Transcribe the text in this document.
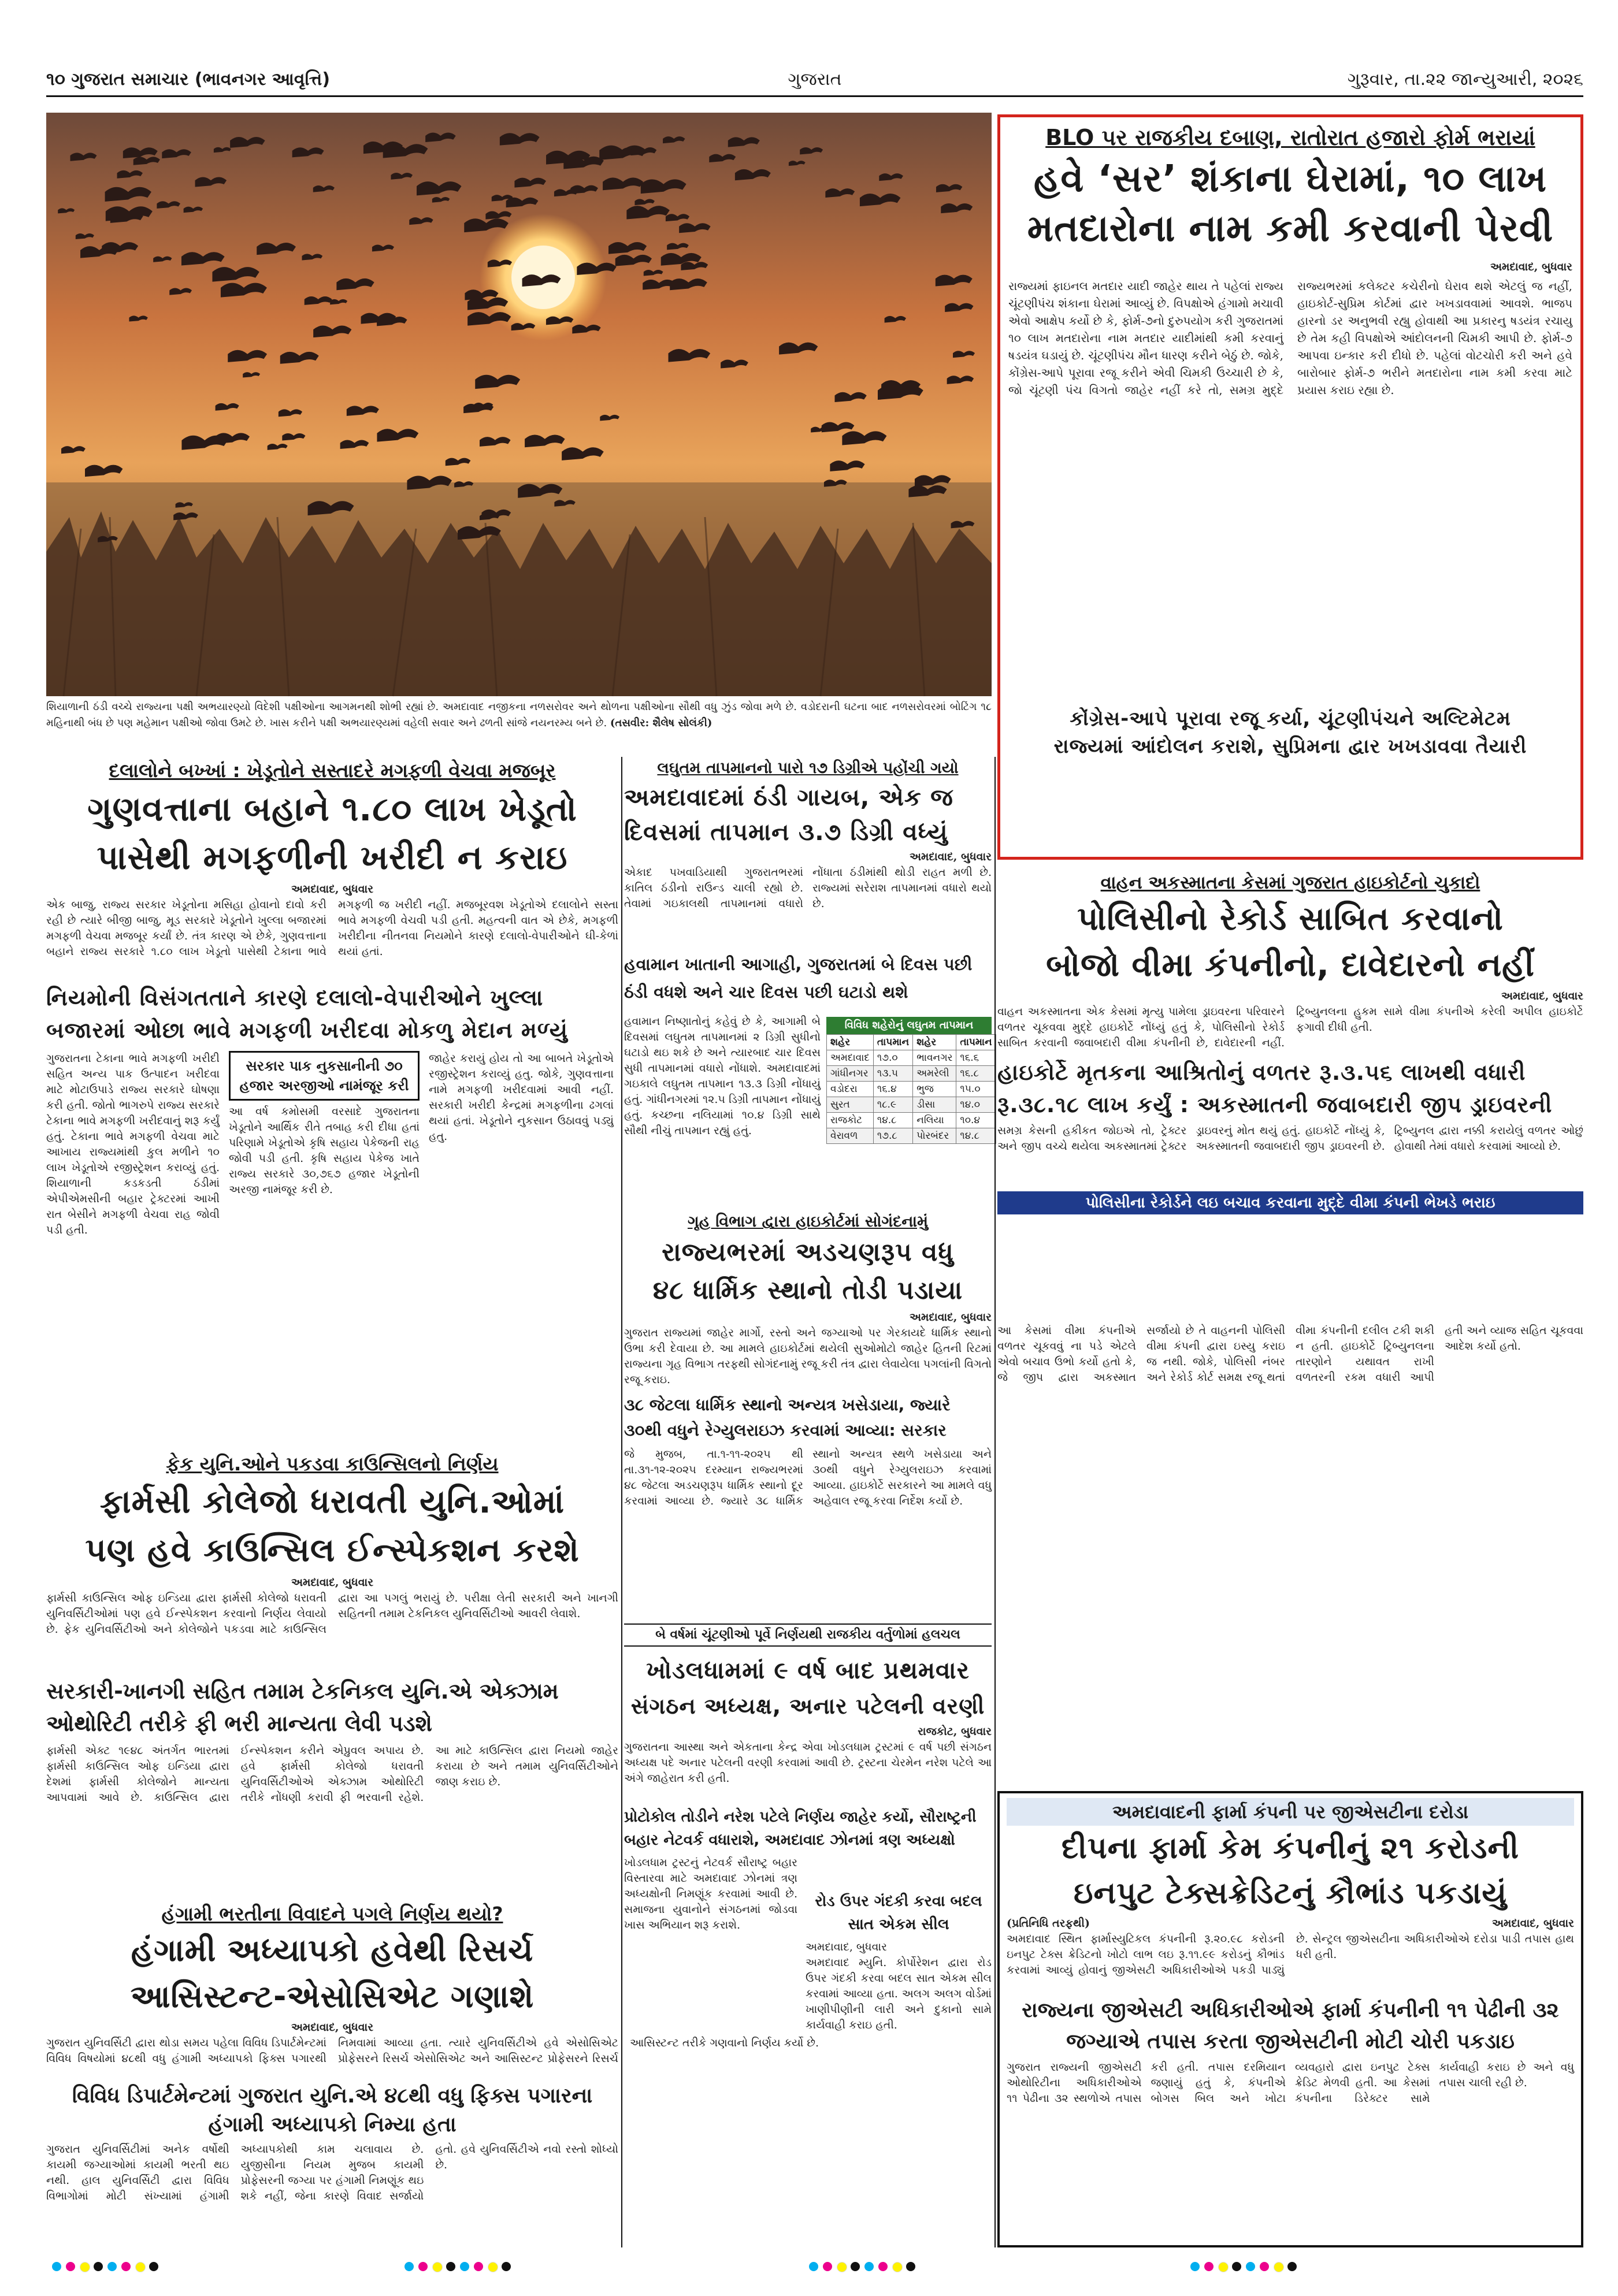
૧૦ ગુજરાત સમાચાર (ભાવનગર આવૃત્તિ)	ગુજરાત	ગુરૂવાર, તા.૨૨ જાન્યુઆરી, ૨૦૨૬
શિયાળાની ઠંડી વચ્ચે રાજ્યના પક્ષી અભયારણ્યો વિદેશી પક્ષીઓના આગમનથી શોભી રહ્યાં છે. અમદાવાદ નજીકના નળસરોવર અને થોળના પક્ષીઓના સૌથી વધુ ઝુંડ જોવા મળે છે. વડોદરાની ઘટના બાદ નળસરોવરમાં બોટિંગ ૧૮ મહિનાથી બંધ છે પણ મહેમાન પક્ષીઓ જોવા ઉમટે છે. ખાસ કરીને પક્ષી અભયારણ્યમાં વહેલી સવાર અને ઢળતી સાંજે નયનરમ્ય બને છે. (તસવીર: શૈલેષ સોલંકી)
BLO પર રાજકીય દબાણ, રાતોરાત હજારો ફોર્મ ભરાયાં
હવે ‘સર’ શંકાના ઘેરામાં, ૧૦ લાખ
મતદારોના નામ કમી કરવાની પેરવી
અમદાવાદ, બુધવાર
રાજ્યમાં ફાઇનલ મતદાર યાદી જાહેર થાય તે પહેલાં રાજ્ય ચૂંટણીપંચ શંકાના ઘેરામાં આવ્યું છે. વિપક્ષોએ હંગામો મચાવી એવો આક્ષેપ કર્યો છે કે, ફોર્મ-૭નો દુરુપયોગ કરી ગુજરાતમાં ૧૦ લાખ મતદારોના નામ મતદાર યાદીમાંથી કમી કરવાનું ષડયંત્ર ઘડાયું છે. ચૂંટણીપંચ મૌન ધારણ કરીને બેઠું છે. જોકે, કોંગ્રેસ-આપે પૂરાવા રજૂ કરીને એવી ચિમકી ઉચ્ચારી છે કે, જો ચૂંટણી પંચ વિગતો જાહેર નહીં કરે તો, સમગ્ર મુદ્દે રાજ્યભરમાં કલેક્ટર કચેરીનો ઘેરાવ થશે એટલું જ નહીં, હાઇકોર્ટ-સુપ્રિમ કોર્ટમાં દ્વાર ખખડાવવામાં આવશે. ભાજપ હારનો ડર અનુભવી રહ્યુ હોવાથી આ પ્રકારનુ ષડયંત્ર રચાયુ છે તેમ કહી વિપક્ષોએ આંદોલનની ચિમકી આપી છે. ફોર્મ-૭ આપવા ઇન્કાર કરી દીધો છે. પહેલાં વોટચોરી કરી અને હવે બારોબાર ફોર્મ-૭ ભરીને મતદારોના નામ કમી કરવા માટે પ્રયાસ કરાઇ રહ્યા છે.
કોંગ્રેસ-આપે પૂરાવા રજૂ કર્યા, ચૂંટણીપંચને અલ્ટિમેટમ
રાજ્યમાં આંદોલન કરાશે, સુપ્રિમના દ્વાર ખખડાવવા તૈયારી
દલાલોને બખ્ખાં : ખેડૂતોને સસ્તાદરે મગફળી વેચવા મજબૂર
ગુણવત્તાના બહાને ૧.૮૦ લાખ ખેડૂતો
પાસેથી મગફળીની ખરીદી ન કરાઇ
અમદાવાદ, બુધવાર
એક બાજુ, રાજ્ય સરકાર ખેડૂતોના મસિહા હોવાનો દાવો કરી રહી છે ત્યારે બીજી બાજુ, મૂડ સરકારે ખેડૂતોને ખુલ્લા બજારમાં મગફળી વેચવા મજબૂર કર્યાં છે. તંત્ર કારણ એ છેકે, ગુણવત્તાના બહાને રાજ્ય સરકારે ૧.૮૦ લાખ ખેડૂતો પાસેથી ટેકાના ભાવે મગફળી જ ખરીદી નહીં. મજબૂરવશ ખેડૂતોએ દલાલોને સસ્તા ભાવે મગફળી વેચવી પડી હતી. મહત્વની વાત એ છેકે, મગફળી ખરીદીના નીતનવા નિયમોને કારણે દલાલો-વેપારીઓને ઘી-કેળાં થયાં હતાં.
નિયમોની વિસંગતતાને કારણે દલાલો-વેપારીઓને ખુલ્લા બજારમાં ઓછા ભાવે મગફળી ખરીદવા મોકળુ મેદાન મળ્યું
ગુજરાતના ટેકાના ભાવે મગફળી ખરીદી સહિત અન્ય પાક ઉત્પાદન ખરીદવા માટે મોટાઉપાડે રાજ્ય સરકારે ઘોષણા કરી હતી. જોતો ભાગરુપે રાજ્ય સરકારે ટેકાના ભાવે મગફળી ખરીદવાનું શરૂ કર્યું હતું. ટેકાના ભાવે મગફળી વેચવા માટે આખાય રાજ્યમાંથી કુલ મળીને ૧૦ લાખ ખેડૂતોએ રજીસ્ટ્રેશન કરાવ્યું હતું. શિયાળાની કડકડતી ઠંડીમાં એપીએમસીની બહાર ટ્રેક્ટરમાં આખી રાત બેસીને મગફળી વેચવા રાહ જોવી પડી હતી.
સરકાર પાક નુકસાનીની ૭૦ હજાર અરજીઓ નામંજૂર કરી
આ વર્ષ કમોસમી વરસાદે ગુજરાતના ખેડૂતોને આર્થિક રીતે તબાહ કરી દીધા હતાં પરિણામે ખેડૂતોએ કૃષિ સહાય પેકેજની રાહ જોવી પડી હતી. કૃષિ સહાય પેકેજ ખાતે રાજ્ય સરકારે ૩૦,૭૬૭ હજાર ખેડૂતોની અરજી નામંજૂર કરી છે.
જાહેર કરાયું હોય તો આ બાબતે ખેડૂતોએ રજીસ્ટ્રેશન કરાવ્યું હતુ. જોકે, ગુણવત્તાના નામે મગફળી ખરીદવામાં આવી નહીં. સરકારી ખરીદી કેન્દ્રમાં મગફળીના ઢગલાં થયાં હતાં. ખેડૂતોને નુકસાન ઉઠાવવું પડ્યું હતુ.
લઘુતમ તાપમાનનો પારો ૧૭ ડિગ્રીએ પહોંચી ગયો
અમદાવાદમાં ઠંડી ગાયબ, એક જ
દિવસમાં તાપમાન ૩.૭ ડિગ્રી વધ્યું
અમદાવાદ, બુધવાર
એકાદ પખવાડિયાથી ગુજરાતભરમાં કાતિલ ઠંડીનો રાઉન્ડ ચાલી રહ્યો છે. તેવામાં ગઇકાલથી તાપમાનમાં વધારો નોંધાતા ઠંડીમાંથી થોડી રાહત મળી છે. રાજ્યમાં સરેરાશ તાપમાનમાં વધારો થયો છે.
હવામાન ખાતાની આગાહી, ગુજરાતમાં બે દિવસ પછી ઠંડી વધશે અને ચાર દિવસ પછી ઘટાડો થશે
હવામાન નિષ્ણાતોનું કહેવું છે કે, આગામી બે દિવસમાં લઘુતમ તાપમાનમાં ૨ ડિગ્રી સુધીનો ઘટાડો થઇ શકે છે અને ત્યારબાદ ચાર દિવસ સુધી તાપમાનમાં વધારો નોંધાશે. અમદાવાદમાં ગઇકાલે લઘુતમ તાપમાન ૧૩.૩ ડિગ્રી નોંધાયું હતું. ગાંધીનગરમાં ૧૨.૫ ડિગ્રી તાપમાન નોંધાયું હતું. કચ્છના નલિયામાં ૧૦.૪ ડિગ્રી સાથે સૌથી નીચું તાપમાન રહ્યું હતું.
વિવિધ શહેરોનું લઘુતમ તાપમાન
શહેર	તાપમાન	શહેર	તાપમાન
અમદાવાદ	૧૭.૦	ભાવનગર	૧૬.૬
ગાંધીનગર	૧૩.૫	અમરેલી	૧૬.૮
વડોદરા	૧૬.૪	ભુજ	૧૫.૦
સુરત	૧૮.૯	ડીસા	૧૪.૦
રાજકોટ	૧૪.૮	નલિયા	૧૦.૪
વેરાવળ	૧૭.૮	પોરબંદર	૧૪.૮
ગૃહ વિભાગ દ્વારા હાઇકોર્ટમાં સોગંદનામું
રાજ્યભરમાં અડચણરૂપ વધુ
૪૮ ધાર્મિક સ્થાનો તોડી પડાયા
અમદાવાદ, બુધવાર
ગુજરાત રાજ્યમાં જાહેર માર્ગો, રસ્તો અને જગ્યાઓ પર ગેરકાયદે ધાર્મિક સ્થાનો ઉભા કરી દેવાયા છે. આ મામલે હાઇકોર્ટમાં થયેલી સુઓમોટો જાહેર હિતની રિટમાં રાજ્યના ગૃહ વિભાગ તરફથી સોગંદનામું રજૂ કરી તંત્ર દ્વારા લેવાયેલા પગલાંની વિગતો રજૂ કરાઇ.
૩૮ જેટલા ધાર્મિક સ્થાનો અન્યત્ર ખસેડાયા, જ્યારે ૩૦થી વધુને રેગ્યુલરાઇઝ કરવામાં આવ્યા: સરકાર
જે મુજબ, તા.૧-૧૧-૨૦૨૫ થી તા.૩૧-૧૨-૨૦૨૫ દરમ્યાન રાજ્યભરમાં ૪૮ જેટલા અડચણરૂપ ધાર્મિક સ્થાનો દૂર કરવામાં આવ્યા છે. જ્યારે ૩૮ ધાર્મિક સ્થાનો અન્યત્ર સ્થળે ખસેડાયા અને ૩૦થી વધુને રેગ્યુલરાઇઝ કરવામાં આવ્યા. હાઇકોર્ટે સરકારને આ મામલે વધુ અહેવાલ રજૂ કરવા નિર્દેશ કર્યો છે.
બે વર્ષમાં ચૂંટણીઓ પૂર્વે નિર્ણયથી રાજકીય વર્તુળોમાં હલચલ
ખોડલધામમાં ૯ વર્ષ બાદ પ્રથમવાર
સંગઠન અધ્યક્ષ, અનાર પટેલની વરણી
રાજકોટ, બુધવાર
ગુજરાતના આસ્થા અને એકતાના કેન્દ્ર એવા ખોડલધામ ટ્રસ્ટમાં ૯ વર્ષ પછી સંગઠન અધ્યક્ષ પદે અનાર પટેલની વરણી કરવામાં આવી છે. ટ્રસ્ટના ચેરમેન નરેશ પટેલે આ અંગે જાહેરાત કરી હતી.
પ્રોટોકોલ તોડીને નરેશ પટેલે નિર્ણય જાહેર કર્યો, સૌરાષ્ટ્રની બહાર નેટવર્ક વધારાશે, અમદાવાદ ઝોનમાં ત્રણ અધ્યક્ષો
ખોડલધામ ટ્રસ્ટનું નેટવર્ક સૌરાષ્ટ્ર બહાર વિસ્તારવા માટે અમદાવાદ ઝોનમાં ત્રણ અધ્યક્ષોની નિમણૂંક કરવામાં આવી છે. સમાજના યુવાનોને સંગઠનમાં જોડવા ખાસ અભિયાન શરૂ કરાશે.
રોડ ઉપર ગંદકી કરવા બદલ સાત એકમ સીલ
અમદાવાદ, બુધવાર
અમદાવાદ મ્યુનિ. કોર્પોરેશન દ્વારા રોડ ઉપર ગંદકી કરવા બદલ સાત એકમ સીલ કરવામાં આવ્યા હતા. અલગ અલગ વોર્ડમાં ખાણીપીણીની લારી અને દુકાનો સામે કાર્યવાહી કરાઇ હતી.
ફેક યુનિ.ઓને પકડવા કાઉન્સિલનો નિર્ણય
ફાર્મસી કોલેજો ધરાવતી યુનિ.ઓમાં
પણ હવે કાઉન્સિલ ઈન્સ્પેકશન કરશે
અમદાવાદ, બુધવાર
ફાર્મસી કાઉન્સિલ ઓફ ઇન્ડિયા દ્વારા ફાર્મસી કોલેજો ધરાવતી યુનિવર્સિટીઓમાં પણ હવે ઈન્સ્પેકશન કરવાનો નિર્ણય લેવાયો છે. ફેક યુનિવર્સિટીઓ અને કોલેજોને પકડવા માટે કાઉન્સિલ દ્વારા આ પગલું ભરાયું છે. પરીક્ષા લેતી સરકારી અને ખાનગી સહિતની તમામ ટેકનિકલ યુનિવર્સિટીઓ આવરી લેવાશે.
સરકારી-ખાનગી સહિત તમામ ટેકનિકલ યુનિ.એ એક્ઝામ ઓથોરિટી તરીકે ફી ભરી માન્યતા લેવી પડશે
ફાર્મસી એક્ટ ૧૯૪૮ અંતર્ગત ભારતમાં ફાર્મસી કાઉન્સિલ ઓફ ઇન્ડિયા દ્વારા દેશમાં ફાર્મસી કોલેજોને માન્યતા આપવામાં આવે છે. કાઉન્સિલ દ્વારા ઈન્સ્પેકશન કરીને એપ્રુવલ અપાય છે. હવે ફાર્મસી કોલેજો ધરાવતી યુનિવર્સિટીઓએ એક્ઝામ ઓથોરિટી તરીકે નોંધણી કરાવી ફી ભરવાની રહેશે. આ માટે કાઉન્સિલ દ્વારા નિયમો જાહેર કરાયા છે અને તમામ યુનિવર્સિટીઓને જાણ કરાઇ છે.
હંગામી ભરતીના વિવાદને પગલે નિર્ણય થયો?
હંગામી અધ્યાપકો હવેથી રિસર્ચ
આસિસ્ટન્ટ-એસોસિએટ ગણાશે
અમદાવાદ, બુધવાર
ગુજરાત યુનિવર્સિટી દ્વારા થોડા સમય પહેલા વિવિધ ડિપાર્ટમેન્ટમાં વિવિધ વિષયોમાં ૪૮થી વધુ હંગામી અધ્યાપકો ફિક્સ પગારથી નિમવામાં આવ્યા હતા. ત્યારે યુનિવર્સિટીએ હવે એસોસિએટ પ્રોફેસરને રિસર્ચ એસોસિએટ અને આસિસ્ટન્ટ પ્રોફેસરને રિસર્ચ આસિસ્ટન્ટ તરીકે ગણવાનો નિર્ણય કર્યો છે.
વિવિધ ડિપાર્ટમેન્ટમાં ગુજરાત યુનિ.એ ૪૮થી વધુ ફિક્સ પગારના હંગામી અધ્યાપકો નિમ્યા હતા
ગુજરાત યુનિવર્સિટીમાં અનેક વર્ષોથી કાયમી જગ્યાઓમાં કાયમી ભરતી થઇ નથી. હાલ યુનિવર્સિટી દ્વારા વિવિધ વિભાગોમાં મોટી સંખ્યામાં હંગામી અધ્યાપકોથી કામ ચલાવાય છે. યુજીસીના નિયમ મુજબ કાયમી પ્રોફેસરની જગ્યા પર હંગામી નિમણૂંક થઇ શકે નહીં, જેના કારણે વિવાદ સર્જાયો હતો. હવે યુનિવર્સિટીએ નવો રસ્તો શોધ્યો છે.
વાહન અકસ્માતના કેસમાં ગુજરાત હાઇકોર્ટનો ચુકાદો
પોલિસીનો રેકોર્ડ સાબિત કરવાનો
બોજો વીમા કંપનીનો, દાવેદારનો નહીં
અમદાવાદ, બુધવાર
વાહન અકસ્માતના એક કેસમાં મૃત્યુ પામેલા ડ્રાઇવરના પરિવારને વળતર ચૂકવવા મુદ્દે હાઇકોર્ટે નોંધ્યું હતું કે, પોલિસીનો રેકોર્ડ સાબિત કરવાની જવાબદારી વીમા કંપનીની છે, દાવેદારની નહીં. ટ્રિબ્યુનલના હુકમ સામે વીમા કંપનીએ કરેલી અપીલ હાઇકોર્ટે ફગાવી દીધી હતી.
હાઇકોર્ટે મૃતકના આશ્રિતોનું વળતર રૂ.૩.૫૬ લાખથી વધારી
રૂ.૩૮.૧૮ લાખ કર્યું : અકસ્માતની જવાબદારી જીપ ડ્રાઇવરની
સમગ્ર કેસની હકીકત જોઇએ તો, ટ્રેક્ટર અને જીપ વચ્ચે થયેલા અકસ્માતમાં ટ્રેક્ટર ડ્રાઇવરનું મોત થયું હતું. હાઇકોર્ટે નોંધ્યું કે, અકસ્માતની જવાબદારી જીપ ડ્રાઇવરની છે. ટ્રિબ્યુનલ દ્વારા નક્કી કરાયેલું વળતર ઓછું હોવાથી તેમાં વધારો કરવામાં આવ્યો છે.
પોલિસીના રેકોર્ડને લઇ બચાવ કરવાના મુદ્દે વીમા કંપની ભેખડે ભરાઇ
આ કેસમાં વીમા કંપનીએ વળતર ચૂકવવું ના પડે એટલે એવો બચાવ ઉભો કર્યો હતો કે, જે જીપ દ્વારા અકસ્માત સર્જાયો છે તે વાહનની પોલિસી વીમા કંપની દ્વારા ઇસ્યુ કરાઇ જ નથી. જોકે, પોલિસી નંબર અને રેકોર્ડ કોર્ટ સમક્ષ રજૂ થતાં વીમા કંપનીની દલીલ ટકી શકી ન હતી. હાઇકોર્ટે ટ્રિબ્યુનલના તારણોને યથાવત રાખી વળતરની રકમ વધારી આપી હતી અને વ્યાજ સહિત ચૂકવવા આદેશ કર્યો હતો.
અમદાવાદની ફાર્મા કંપની પર જીએસટીના દરોડા
દીપના ફાર્મા કેમ કંપનીનું ૨૧ કરોડની
ઇનપુટ ટેક્સક્રેડિટનું કૌભાંડ પકડાયું
(પ્રતિનિધિ તરફથી)	અમદાવાદ, બુધવાર
અમદાવાદ સ્થિત ફાર્માસ્યુટિકલ કંપનીની રૂ.૨૦.૯૮ કરોડની ઇનપુટ ટેક્સ ક્રેડિટનો ખોટો લાભ લઇ રૂ.૧૧.૯૯ કરોડનું કૌભાંડ કરવામાં આવ્યું હોવાનું જીએસટી અધિકારીઓએ પકડી પાડ્યું છે. સેન્ટ્રલ જીએસટીના અધિકારીઓએ દરોડા પાડી તપાસ હાથ ધરી હતી.
રાજ્યના જીએસટી અધિકારીઓએ ફાર્મા કંપનીની ૧૧ પેઢીની ૩૨ જગ્યાએ તપાસ કરતા જીએસટીની મોટી ચોરી પકડાઇ
ગુજરાત રાજ્યની જીએસટી ઓથોરિટીના અધિકારીઓએ ૧૧ પેઢીના ૩૨ સ્થળોએ તપાસ કરી હતી. તપાસ દરમિયાન જણાયું હતું કે, કંપનીએ બોગસ બિલ અને ખોટા વ્યવહારો દ્વારા ઇનપુટ ટેક્સ ક્રેડિટ મેળવી હતી. આ કેસમાં કંપનીના ડિરેક્ટર સામે કાર્યવાહી કરાઇ છે અને વધુ તપાસ ચાલી રહી છે.
